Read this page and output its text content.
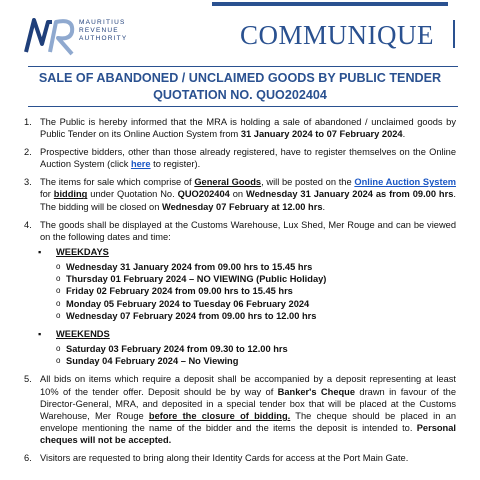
MAURITIUS
REVENUE
AUTHORITY	COMMUNIQUE
SALE OF ABANDONED / UNCLAIMED GOODS BY PUBLIC TENDER
QUOTATION NO. QUO202404
1. The Public is hereby informed that the MRA is holding a sale of abandoned / unclaimed goods by Public Tender on its Online Auction System from 31 January 2024 to 07 February 2024.
2. Prospective bidders, other than those already registered, have to register themselves on the Online Auction System (click here to register).
3. The items for sale which comprise of General Goods, will be posted on the Online Auction System for bidding under Quotation No. QUO202404 on Wednesday 31 January 2024 as from 09.00 hrs. The bidding will be closed on Wednesday 07 February at 12.00 hrs.
4. The goods shall be displayed at the Customs Warehouse, Lux Shed, Mer Rouge and can be viewed on the following dates and time:
▪ WEEKDAYS
o Wednesday 31 January 2024 from 09.00 hrs to 15.45 hrs
o Thursday 01 February 2024 – NO VIEWING (Public Holiday)
o Friday 02 February 2024 from 09.00 hrs to 15.45 hrs
o Monday 05 February 2024 to Tuesday 06 February 2024
o Wednesday 07 February 2024 from 09.00 hrs to 12.00 hrs
▪ WEEKENDS
o Saturday 03 February 2024 from 09.30 to 12.00 hrs
o Sunday 04 February 2024 – No Viewing
5. All bids on items which require a deposit shall be accompanied by a deposit representing at least 10% of the tender offer. Deposit should be by way of Banker's Cheque drawn in favour of the Director-General, MRA, and deposited in a special tender box that will be placed at the Customs Warehouse, Mer Rouge before the closure of bidding. The cheque should be placed in an envelope mentioning the name of the bidder and the items the deposit is intended to. Personal cheques will not be accepted.
6. Visitors are requested to bring along their Identity Cards for access at the Port Main Gate.
